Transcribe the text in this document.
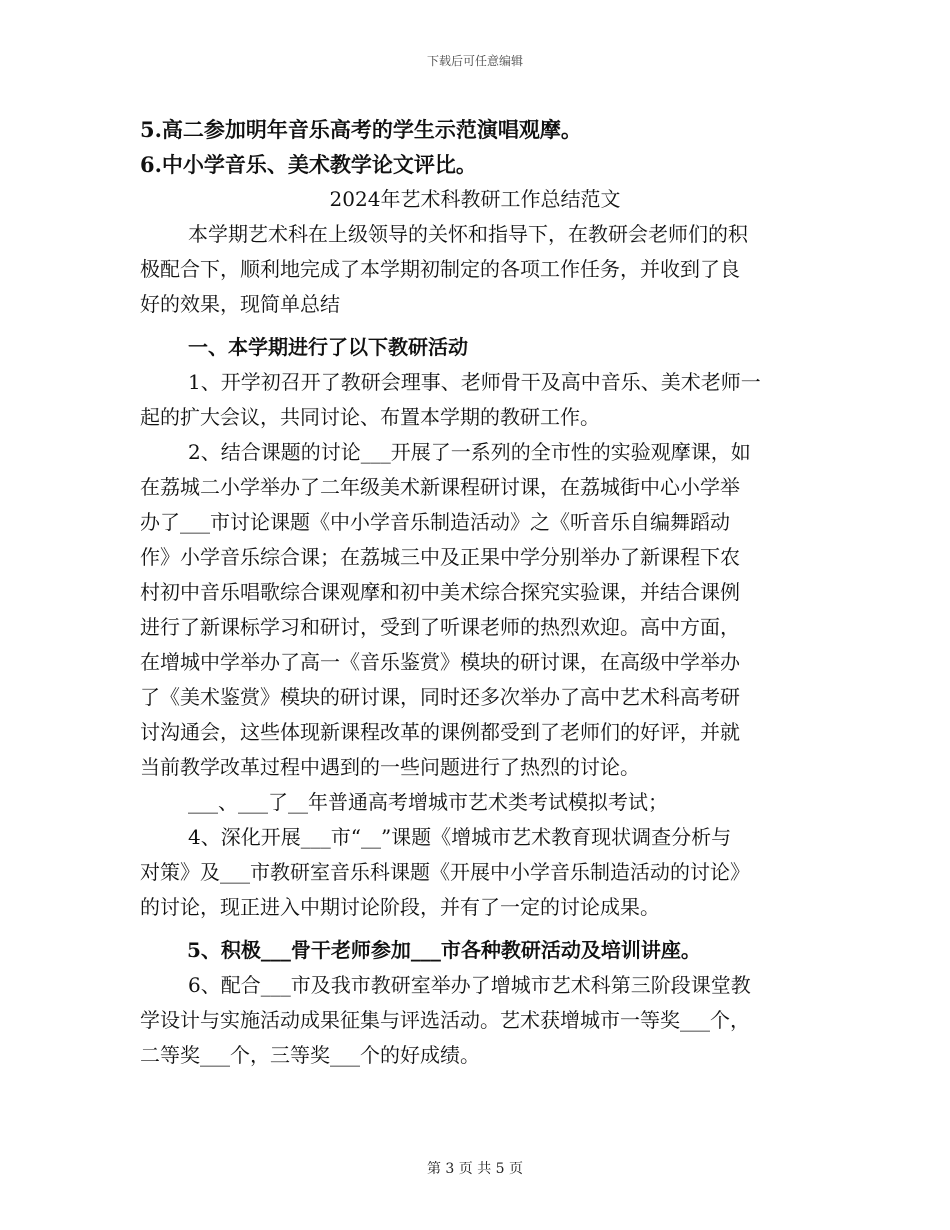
下载后可任意编辑
5.高二参加明年音乐高考的学生示范演唱观摩。
6.中小学音乐、美术教学论文评比。
2024年艺术科教研工作总结范文
本学期艺术科在上级领导的关怀和指导下，在教研会老师们的积
极配合下，顺利地完成了本学期初制定的各项工作任务，并收到了良
好的效果，现简单总结
一、本学期进行了以下教研活动
1、开学初召开了教研会理事、老师骨干及高中音乐、美术老师一
起的扩大会议，共同讨论、布置本学期的教研工作。
2、结合课题的讨论___开展了一系列的全市性的实验观摩课，如
在荔城二小学举办了二年级美术新课程研讨课，在荔城街中心小学举
办了___市讨论课题《中小学音乐制造活动》之《听音乐自编舞蹈动
作》小学音乐综合课；在荔城三中及正果中学分别举办了新课程下农
村初中音乐唱歌综合课观摩和初中美术综合探究实验课，并结合课例
进行了新课标学习和研讨，受到了听课老师的热烈欢迎。高中方面，
在增城中学举办了高一《音乐鉴赏》模块的研讨课，在高级中学举办
了《美术鉴赏》模块的研讨课，同时还多次举办了高中艺术科高考研
讨沟通会，这些体现新课程改革的课例都受到了老师们的好评，并就
当前教学改革过程中遇到的一些问题进行了热烈的讨论。
___、___了__年普通高考增城市艺术类考试模拟考试；
4、深化开展___市“__”课题《增城市艺术教育现状调查分析与
对策》及___市教研室音乐科课题《开展中小学音乐制造活动的讨论》
的讨论，现正进入中期讨论阶段，并有了一定的讨论成果。
5、积极___骨干老师参加___市各种教研活动及培训讲座。
6、配合___市及我市教研室举办了增城市艺术科第三阶段课堂教
学设计与实施活动成果征集与评选活动。艺术获增城市一等奖___个，
二等奖___个，三等奖___个的好成绩。
第 3 页 共 5 页
